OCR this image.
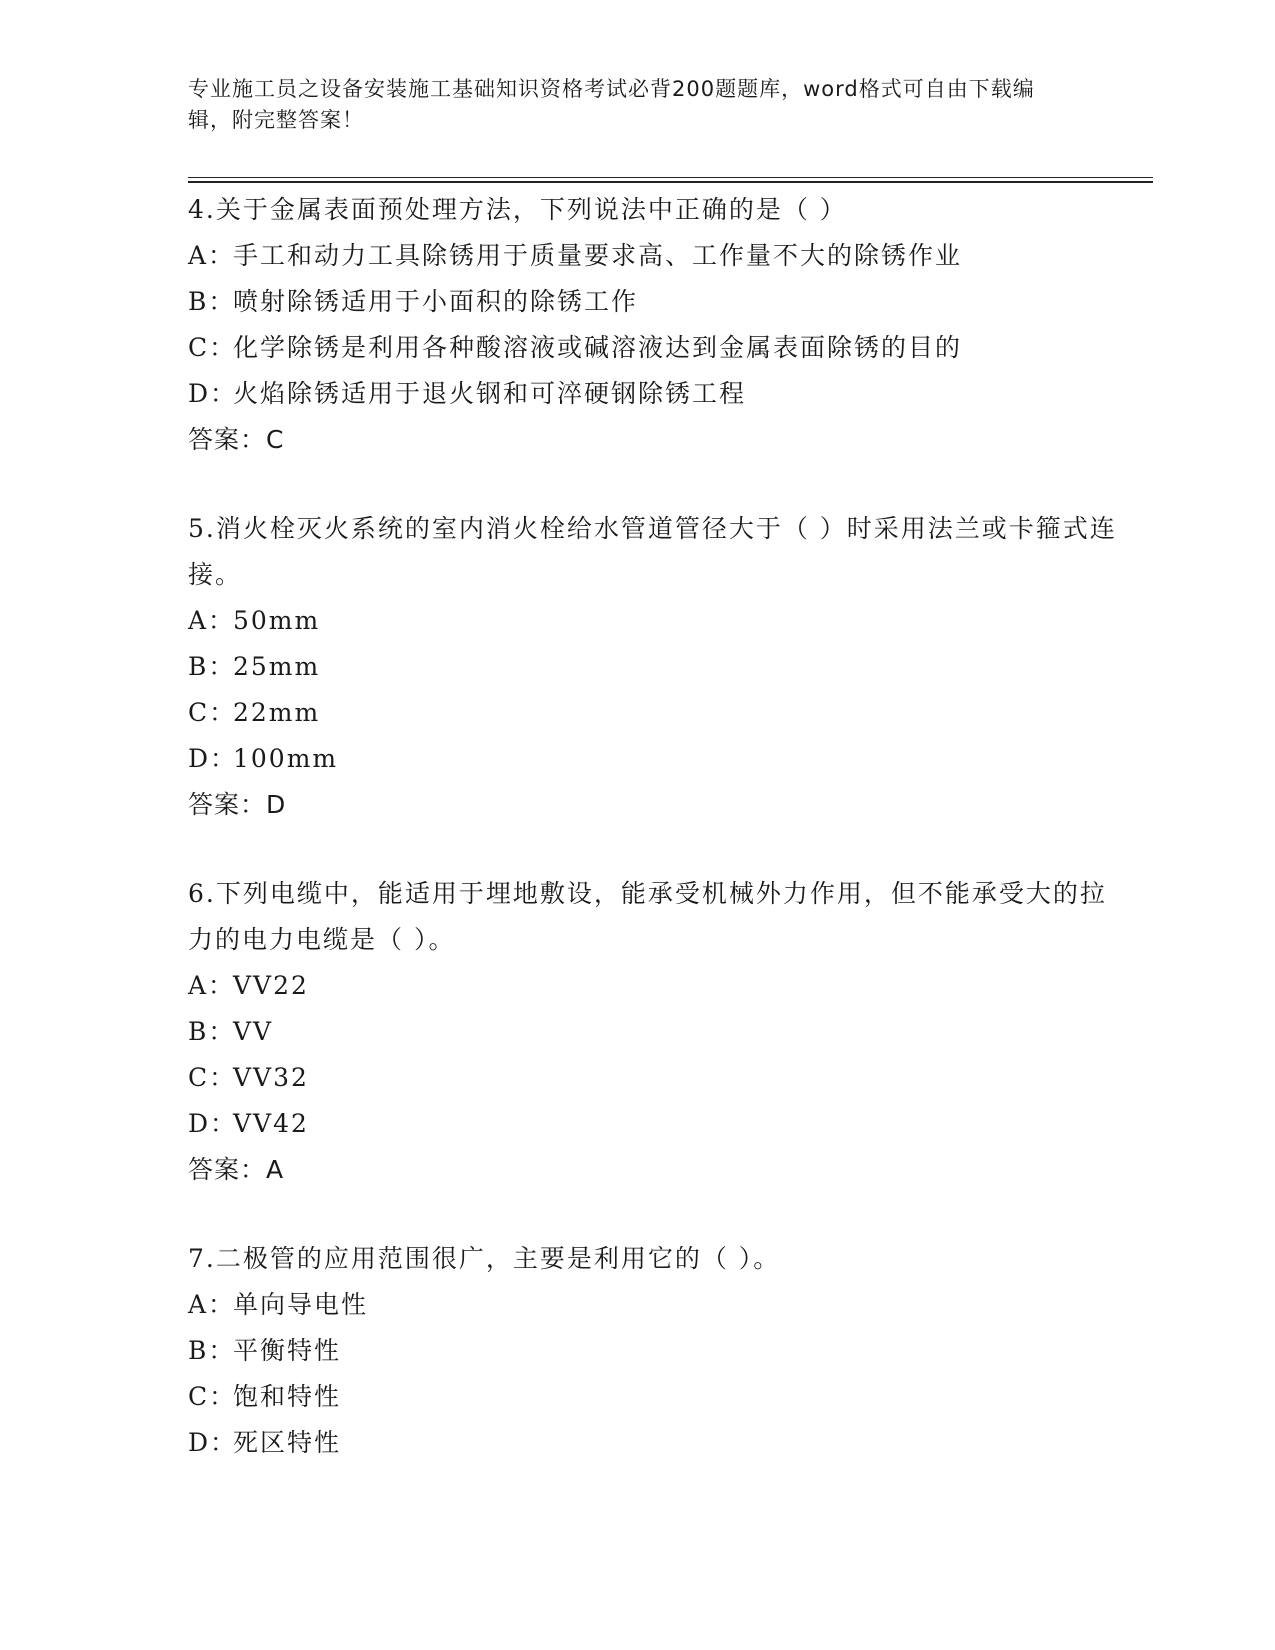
专业施工员之设备安装施工基础知识资格考试必背200题题库，word格式可自由下载编辑，附完整答案！
4.关于金属表面预处理方法，下列说法中正确的是（ ）
A：
手工和动力工具除锈用于质量要求高、工作量不大的除锈作业
B：
喷射除锈适用于小面积的除锈工作
C：
化学除锈是利用各种酸溶液或碱溶液达到金属表面除锈的目的
D：
火焰除锈适用于退火钢和可淬硬钢除锈工程
答案：C
5.消火栓灭火系统的室内消火栓给水管道管径大于（ ）时采用法兰或卡箍式连接。
A：
50mm
B：
25mm
C：
22mm
D：
100mm
答案：D
6.下列电缆中，能适用于埋地敷设，能承受机械外力作用，但不能承受大的拉力的电力电缆是（ ）。
A：
VV22
B：
VV
C：
VV32
D：
VV42
答案：A
7.二极管的应用范围很广，主要是利用它的（ ）。
A：
单向导电性
B：
平衡特性
C：
饱和特性
D：
死区特性
